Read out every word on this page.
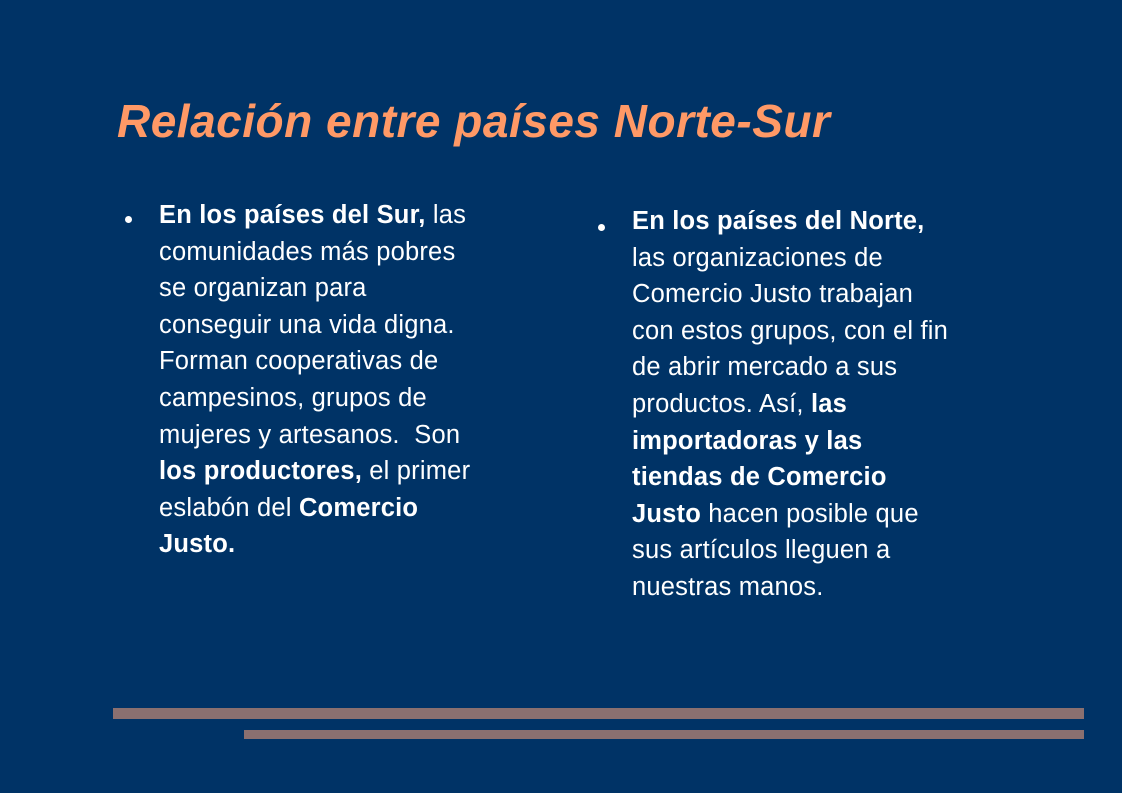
Relación entre países Norte-Sur
En los países del Sur, las
comunidades más pobres
se organizan para
conseguir una vida digna.
Forman cooperativas de
campesinos, grupos de
mujeres y artesanos.  Son
los productores, el primer
eslabón del Comercio
Justo.
En los países del Norte,
las organizaciones de
Comercio Justo trabajan
con estos grupos, con el fin
de abrir mercado a sus
productos. Así, las
importadoras y las
tiendas de Comercio
Justo hacen posible que
sus artículos lleguen a
nuestras manos.
